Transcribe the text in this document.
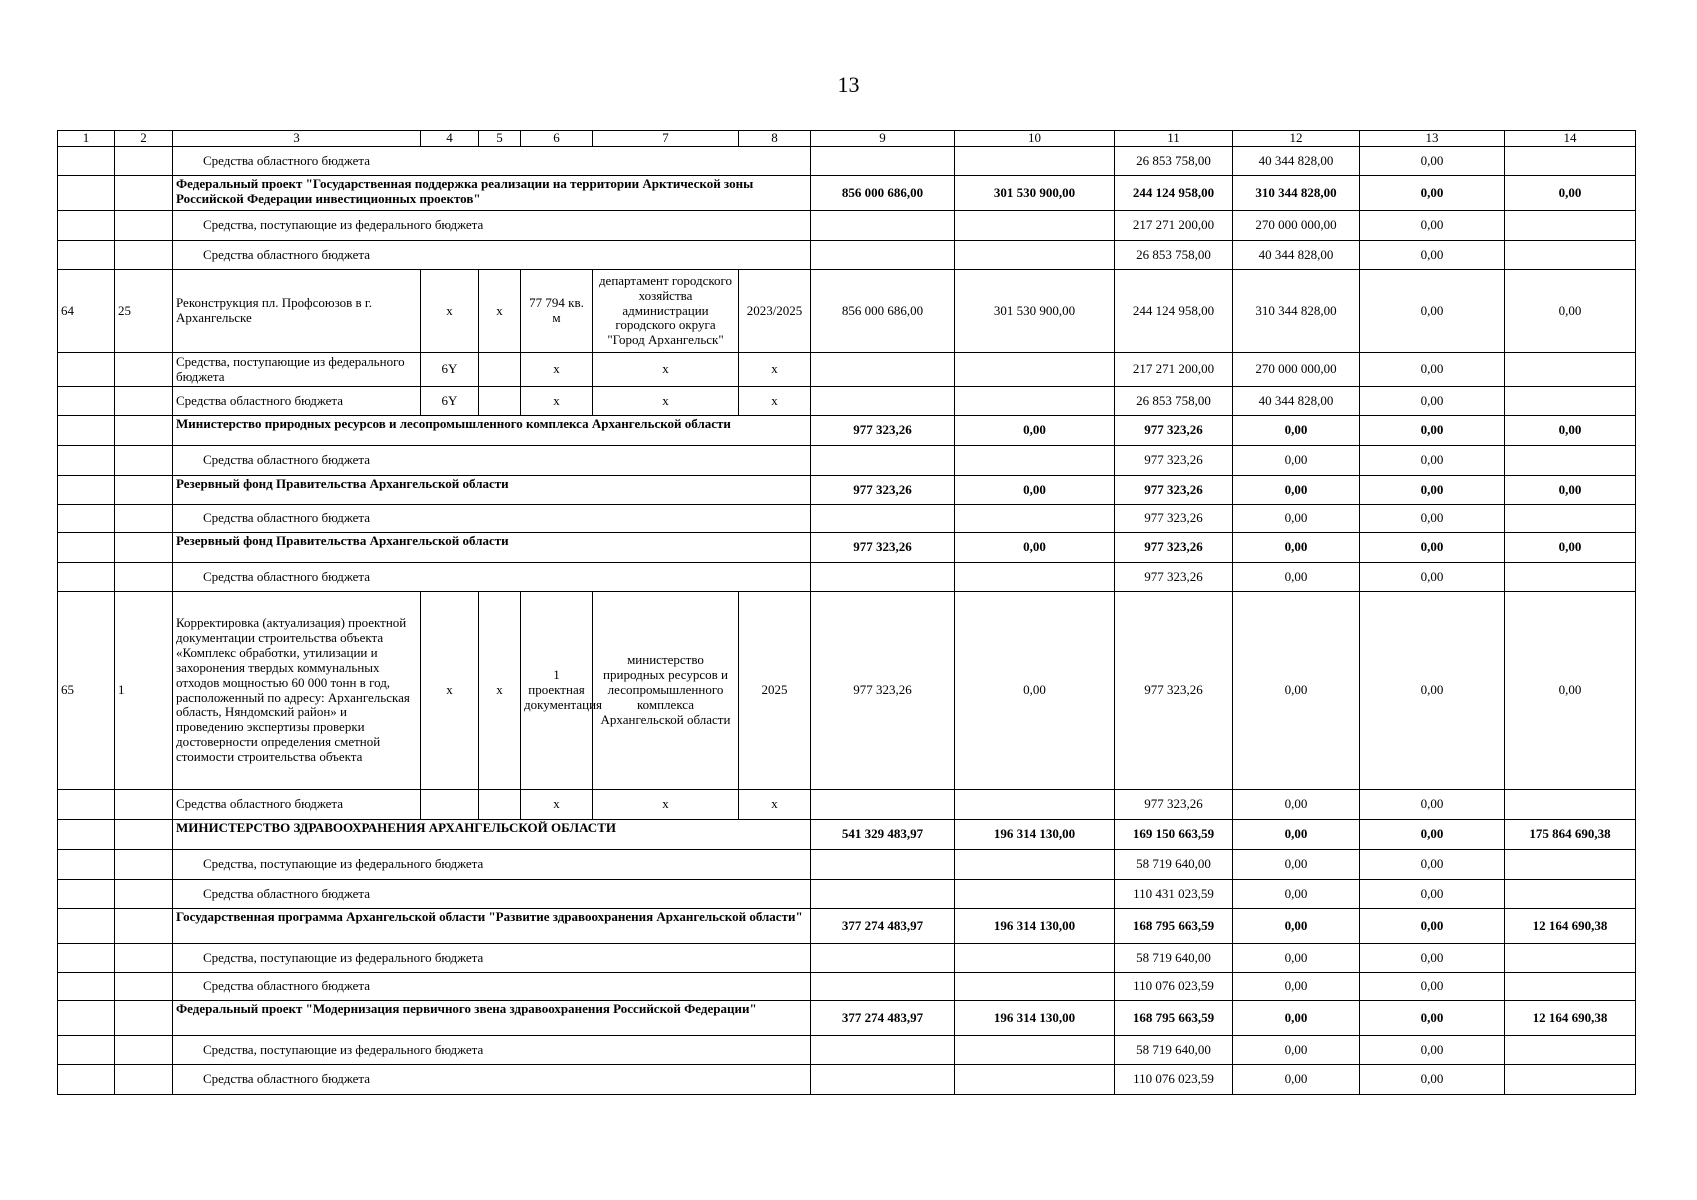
13
1	2	3	4	5	6	7	8	9	10	11	12	13	14
		Средства областного бюджета								26 853 758,00	40 344 828,00	0,00	
		Федеральный проект "Государственная поддержка реализации на территории Арктической зоны Российской Федерации инвестиционных проектов"						856 000 686,00	301 530 900,00	244 124 958,00	310 344 828,00	0,00	0,00
		Средства, поступающие из федерального бюджета								217 271 200,00	270 000 000,00	0,00	
		Средства областного бюджета								26 853 758,00	40 344 828,00	0,00	
64	25	Реконструкция пл. Профсоюзов в г. Архангельске	x	x	77 794 кв. м	департамент городского хозяйства администрации городского округа "Город Архангельск"	2023/2025	856 000 686,00	301 530 900,00	244 124 958,00	310 344 828,00	0,00	0,00
		Средства, поступающие из федерального бюджета	6Y		x	x	x			217 271 200,00	270 000 000,00	0,00	
		Средства областного бюджета	6Y		x	x	x			26 853 758,00	40 344 828,00	0,00	
		Министерство природных ресурсов и лесопромышленного комплекса Архангельской области						977 323,26	0,00	977 323,26	0,00	0,00	0,00
		Средства областного бюджета								977 323,26	0,00	0,00	
		Резервный фонд Правительства Архангельской области						977 323,26	0,00	977 323,26	0,00	0,00	0,00
		Средства областного бюджета								977 323,26	0,00	0,00	
		Резервный фонд Правительства Архангельской области						977 323,26	0,00	977 323,26	0,00	0,00	0,00
		Средства областного бюджета								977 323,26	0,00	0,00	
65	1	Корректировка (актуализация) проектной документации строительства объекта «Комплекс обработки, утилизации и захоронения твердых коммунальных отходов мощностью 60 000 тонн в год, расположенный по адресу: Архангельская область, Няндомский район» и проведению экспертизы проверки достоверности определения сметной стоимости строительства объекта	x	x	1 проектная документация	министерство природных ресурсов и лесопромышленного комплекса Архангельской области	2025	977 323,26	0,00	977 323,26	0,00	0,00	0,00
		Средства областного бюджета			x	x	x			977 323,26	0,00	0,00	
		МИНИСТЕРСТВО ЗДРАВООХРАНЕНИЯ АРХАНГЕЛЬСКОЙ ОБЛАСТИ						541 329 483,97	196 314 130,00	169 150 663,59	0,00	0,00	175 864 690,38
		Средства, поступающие из федерального бюджета								58 719 640,00	0,00	0,00	
		Средства областного бюджета								110 431 023,59	0,00	0,00	
		Государственная программа Архангельской области "Развитие здравоохранения Архангельской области"						377 274 483,97	196 314 130,00	168 795 663,59	0,00	0,00	12 164 690,38
		Средства, поступающие из федерального бюджета								58 719 640,00	0,00	0,00	
		Средства областного бюджета								110 076 023,59	0,00	0,00	
		Федеральный проект "Модернизация первичного звена здравоохранения Российской Федерации"						377 274 483,97	196 314 130,00	168 795 663,59	0,00	0,00	12 164 690,38
		Средства, поступающие из федерального бюджета								58 719 640,00	0,00	0,00	
		Средства областного бюджета								110 076 023,59	0,00	0,00	
